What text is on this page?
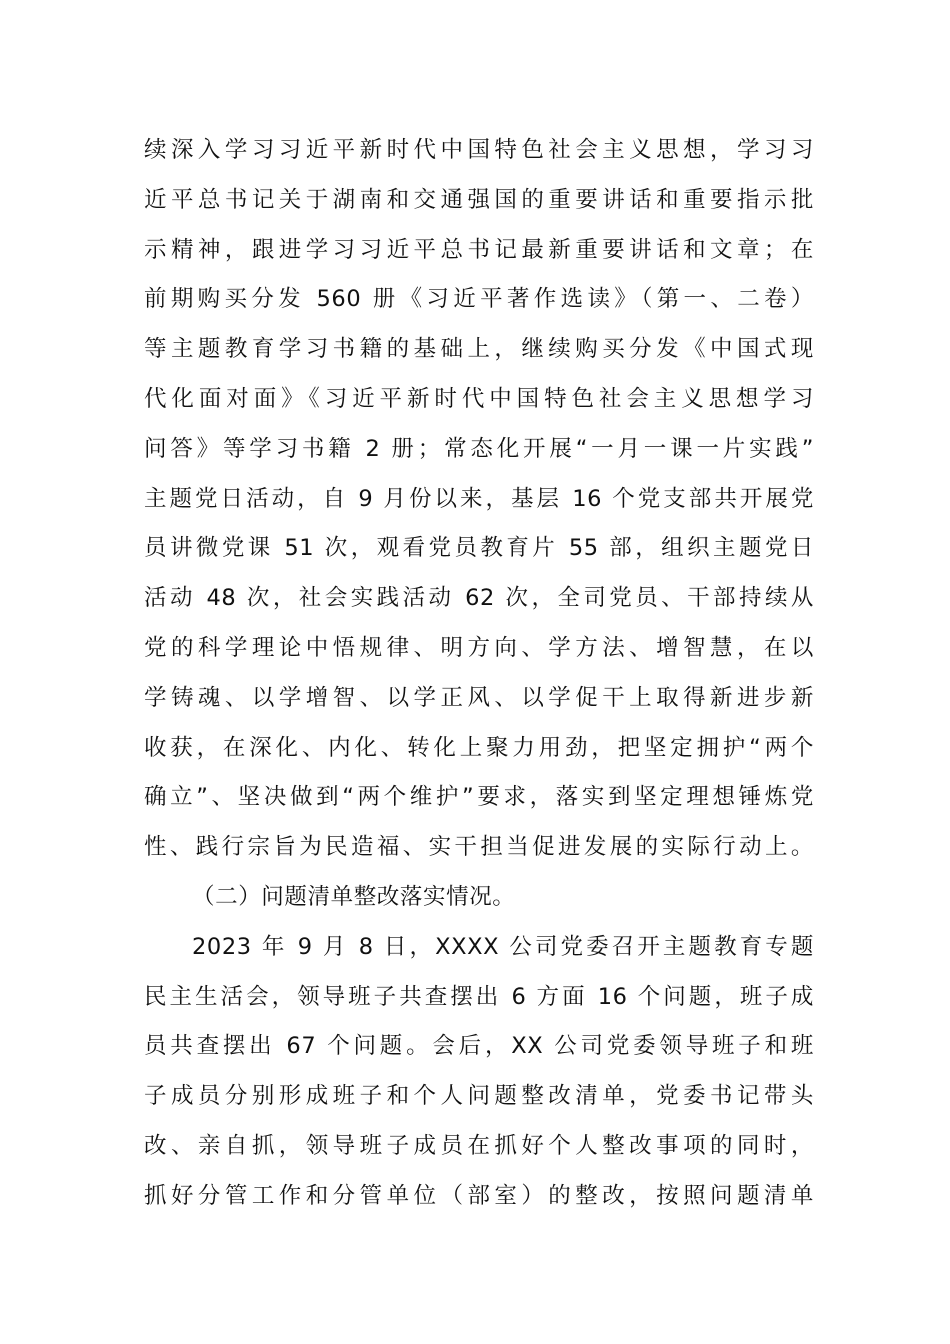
续深入学习习近平新时代中国特色社会主义思想，学习习
近平总书记关于湖南和交通强国的重要讲话和重要指示批
示精神，跟进学习习近平总书记最新重要讲话和文章；在
前期购买分发 560 册《习近平著作选读》（第一、二卷）
等主题教育学习书籍的基础上，继续购买分发《中国式现
代化面对面》《习近平新时代中国特色社会主义思想学习
问答》等学习书籍 2 册；常态化开展“一月一课一片实践”
主题党日活动，自 9 月份以来，基层 16 个党支部共开展党
员讲微党课 51 次，观看党员教育片 55 部，组织主题党日
活动 48 次，社会实践活动 62 次，全司党员、干部持续从
党的科学理论中悟规律、明方向、学方法、增智慧，在以
学铸魂、以学增智、以学正风、以学促干上取得新进步新
收获，在深化、内化、转化上聚力用劲，把坚定拥护“两个
确立”、坚决做到“两个维护”要求，落实到坚定理想锤炼党
性、践行宗旨为民造福、实干担当促进发展的实际行动上。
（二）问题清单整改落实情况。
2023 年 9 月 8 日，XXXX 公司党委召开主题教育专题
民主生活会，领导班子共查摆出 6 方面 16 个问题，班子成
员共查摆出 67 个问题。会后，XX 公司党委领导班子和班
子成员分别形成班子和个人问题整改清单，党委书记带头
改、亲自抓，领导班子成员在抓好个人整改事项的同时，
抓好分管工作和分管单位（部室）的整改，按照问题清单
